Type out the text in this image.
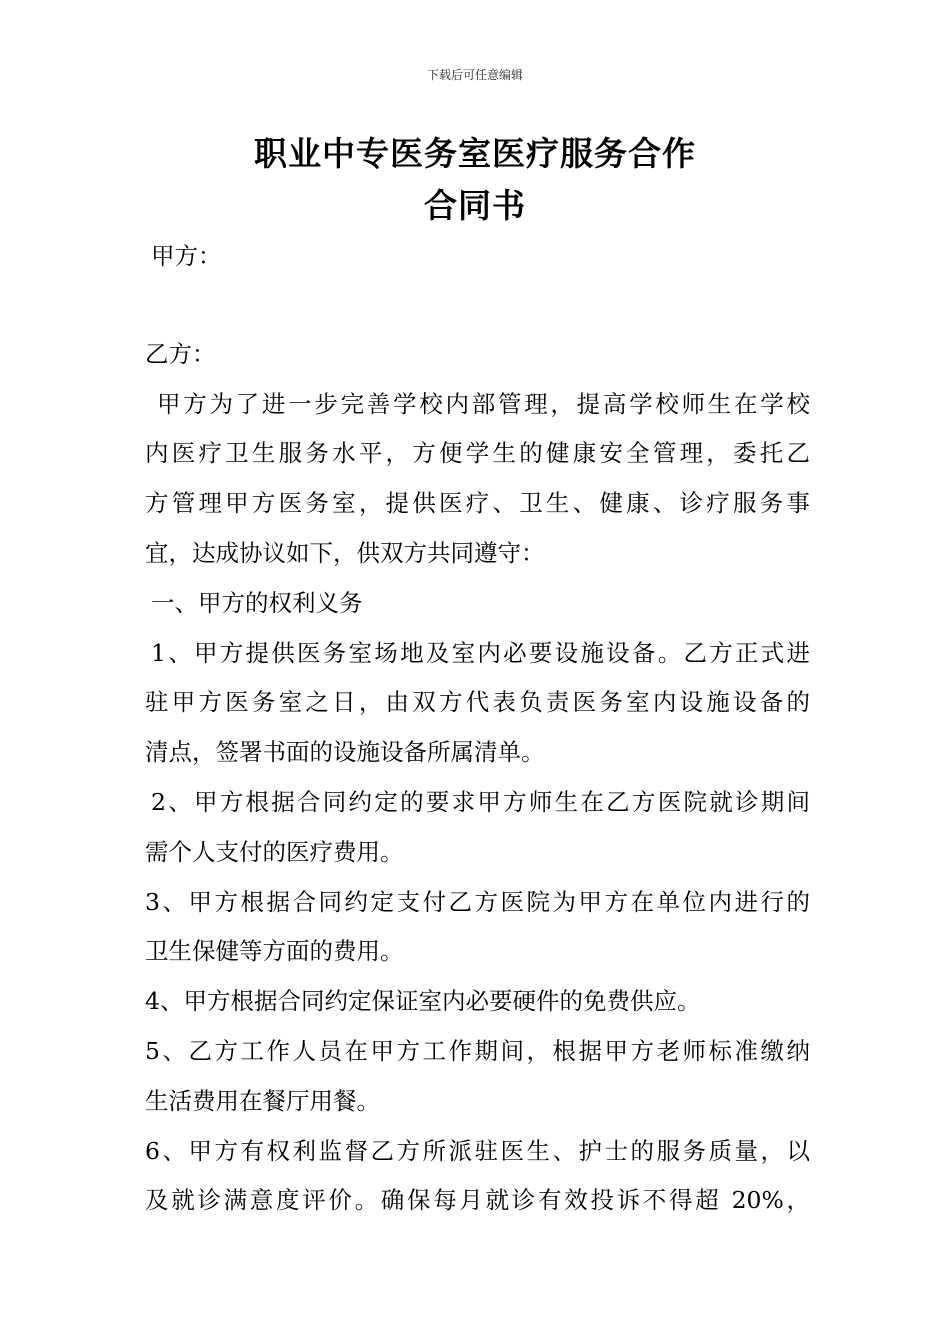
下载后可任意编辑
职业中专医务室医疗服务合作
合同书
甲方：
乙方：
甲方为了进一步完善学校内部管理，提高学校师生在学校
内医疗卫生服务水平，方便学生的健康安全管理，委托乙
方管理甲方医务室，提供医疗、卫生、健康、诊疗服务事
宜，达成协议如下，供双方共同遵守：
一、甲方的权利义务
1、甲方提供医务室场地及室内必要设施设备。乙方正式进
驻甲方医务室之日，由双方代表负责医务室内设施设备的
清点，签署书面的设施设备所属清单。
2、甲方根据合同约定的要求甲方师生在乙方医院就诊期间
需个人支付的医疗费用。
3、甲方根据合同约定支付乙方医院为甲方在单位内进行的
卫生保健等方面的费用。
4、甲方根据合同约定保证室内必要硬件的免费供应。
5、乙方工作人员在甲方工作期间，根据甲方老师标准缴纳
生活费用在餐厅用餐。
6、甲方有权利监督乙方所派驻医生、护士的服务质量，以
及就诊满意度评价。确保每月就诊有效投诉不得超 20%，
